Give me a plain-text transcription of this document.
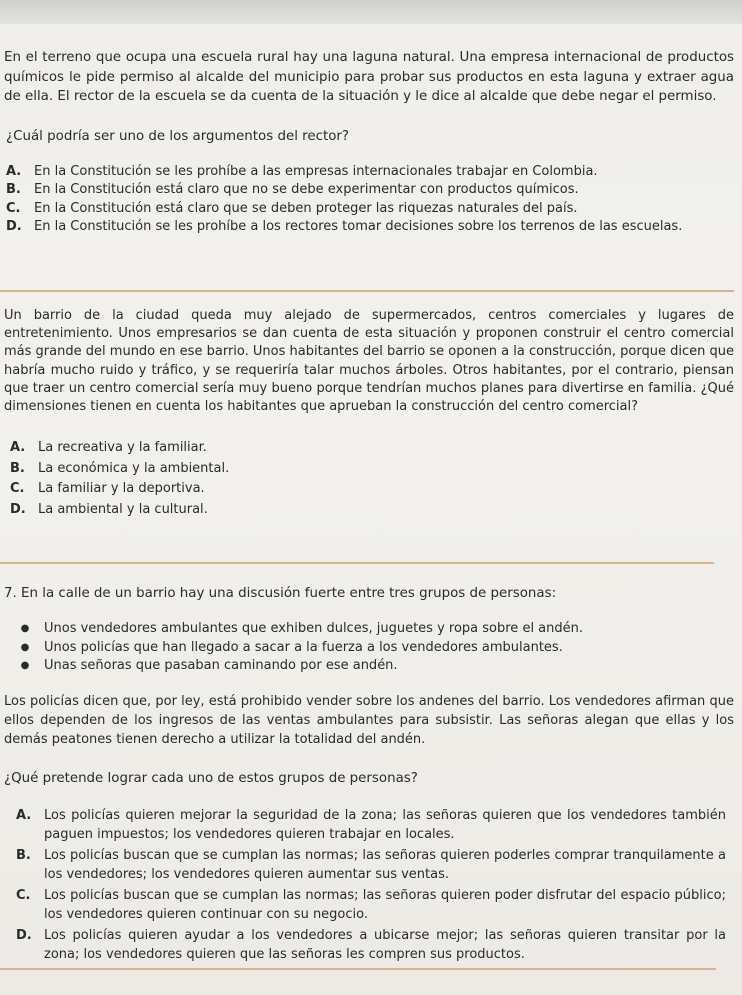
En el terreno que ocupa una escuela rural hay una laguna natural. Una empresa internacional de productos químicos le pide permiso al alcalde del municipio para probar sus productos en esta laguna y extraer agua de ella. El rector de la escuela se da cuenta de la situación y le dice al alcalde que debe negar el permiso.

¿Cuál podría ser uno de los argumentos del rector?

A. En la Constitución se les prohíbe a las empresas internacionales trabajar en Colombia.
B.	En la Constitución está claro que no se debe experimentar con productos químicos.
C.	En la Constitución está claro que se deben proteger las riquezas naturales del país.
D. En la Constitución se les prohíbe a los rectores tomar decisiones sobre los terrenos de las escuelas.

Un barrio de la ciudad queda muy alejado de supermercados, centros comerciales y lugares de entretenimiento. Unos empresarios se dan cuenta de esta situación y proponen construir el centro comercial más grande del mundo en ese barrio. Unos habitantes del barrio se oponen a la construcción, porque dicen que habría mucho ruido y tráfico, y se requeriría talar muchos árboles. Otros habitantes, por el contrario, piensan que traer un centro comercial sería muy bueno porque tendrían muchos planes para divertirse en familia. ¿Qué dimensiones tienen en cuenta los habitantes que aprueban la construcción del centro comercial?

A. La recreativa y la familiar.
B.	La económica y la ambiental.
C.	La familiar y la deportiva.
D. La ambiental y la cultural.

7. En la calle de un barrio hay una discusión fuerte entre tres grupos de personas:

●	Unos vendedores ambulantes que exhiben dulces, juguetes y ropa sobre el andén.
●	Unos policías que han llegado a sacar a la fuerza a los vendedores ambulantes.
●	Unas señoras que pasaban caminando por ese andén.

Los policías dicen que, por ley, está prohibido vender sobre los andenes del barrio. Los vendedores afirman que ellos dependen de los ingresos de las ventas ambulantes para subsistir. Las señoras alegan que ellas y los demás peatones tienen derecho a utilizar la totalidad del andén.

¿Qué pretende lograr cada uno de estos grupos de personas?

A. Los policías quieren mejorar la seguridad de la zona; las señoras quieren que los vendedores también paguen impuestos; los vendedores quieren trabajar en locales.
B.	Los policías buscan que se cumplan las normas; las señoras quieren poderles comprar tranquilamente a los vendedores; los vendedores quieren aumentar sus ventas.
C.	Los policías buscan que se cumplan las normas; las señoras quieren poder disfrutar del espacio público; los vendedores quieren continuar con su negocio.
D. Los policías quieren ayudar a los vendedores a ubicarse mejor; las señoras quieren transitar por la zona; los vendedores quieren que las señoras les compren sus productos.
